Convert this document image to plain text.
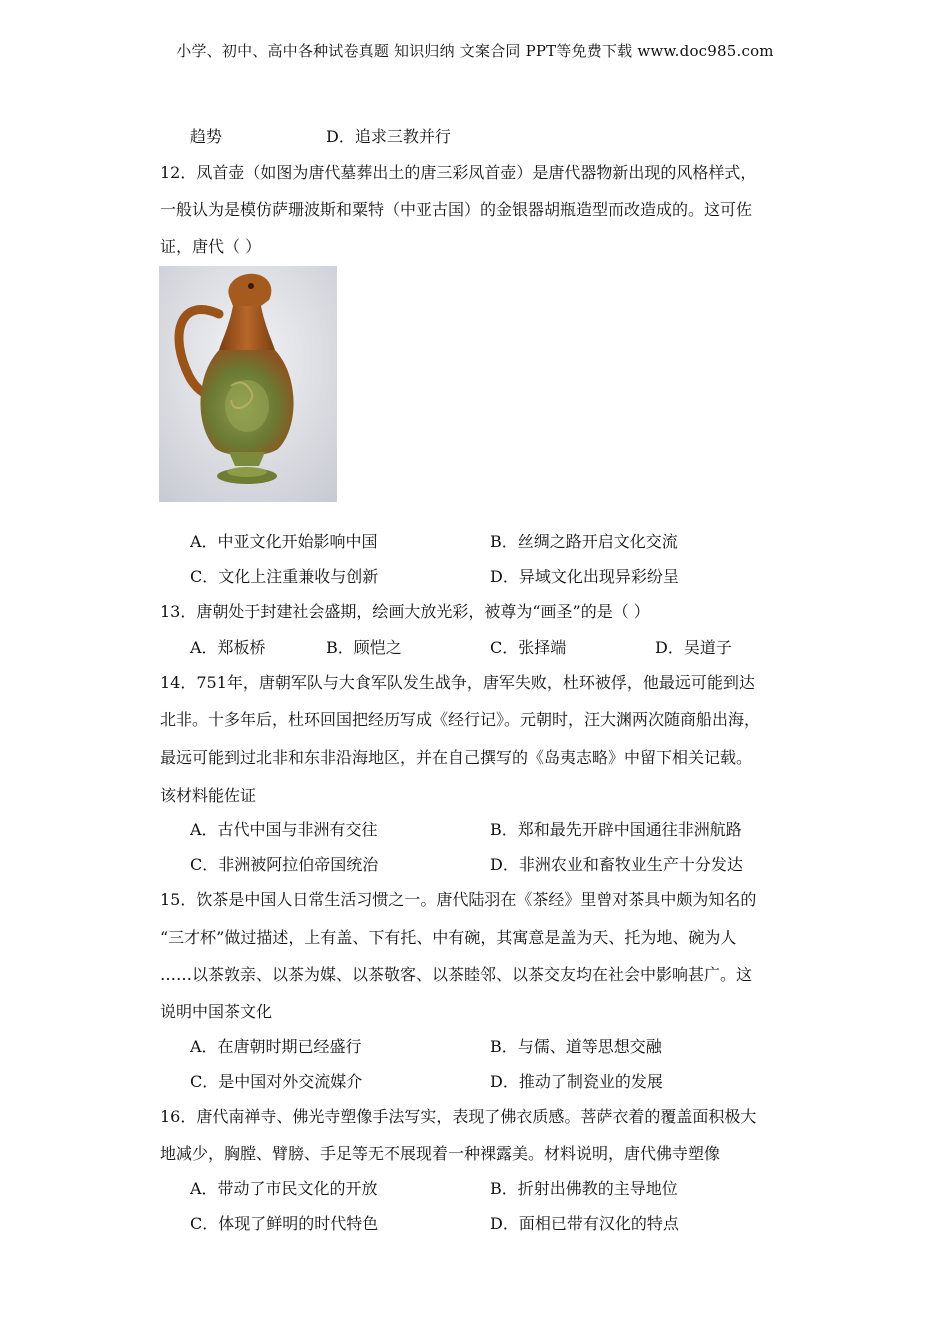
小学、初中、高中各种试卷真题 知识归纳 文案合同 PPT等免费下载 www.doc985.com
趋势	D．追求三教并行
12．凤首壶（如图为唐代墓葬出土的唐三彩凤首壶）是唐代器物新出现的风格样式，
一般认为是模仿萨珊波斯和粟特（中亚古国）的金银器胡瓶造型而改造成的。这可佐
证，唐代（ ）
A．中亚文化开始影响中国	B．丝绸之路开启文化交流
C．文化上注重兼收与创新	D．异域文化出现异彩纷呈
13．唐朝处于封建社会盛期，绘画大放光彩，被尊为“画圣”的是（ ）
A．郑板桥	B．顾恺之	C．张择端	D．吴道子
14．751年，唐朝军队与大食军队发生战争，唐军失败，杜环被俘，他最远可能到达
北非。十多年后，杜环回国把经历写成《经行记》。元朝时，汪大渊两次随商船出海，
最远可能到过北非和东非沿海地区，并在自己撰写的《岛夷志略》中留下相关记载。
该材料能佐证
A．古代中国与非洲有交往	B．郑和最先开辟中国通往非洲航路
C．非洲被阿拉伯帝国统治	D．非洲农业和畜牧业生产十分发达
15．饮茶是中国人日常生活习惯之一。唐代陆羽在《茶经》里曾对茶具中颇为知名的
“三才杯”做过描述，上有盖、下有托、中有碗，其寓意是盖为天、托为地、碗为人
……以茶敦亲、以茶为媒、以茶敬客、以茶睦邻、以茶交友均在社会中影响甚广。这
说明中国茶文化
A．在唐朝时期已经盛行	B．与儒、道等思想交融
C．是中国对外交流媒介	D．推动了制瓷业的发展
16．唐代南禅寺、佛光寺塑像手法写实，表现了佛衣质感。菩萨衣着的覆盖面积极大
地减少，胸膛、臂膀、手足等无不展现着一种裸露美。材料说明，唐代佛寺塑像
A．带动了市民文化的开放	B．折射出佛教的主导地位
C．体现了鲜明的时代特色	D．面相已带有汉化的特点
